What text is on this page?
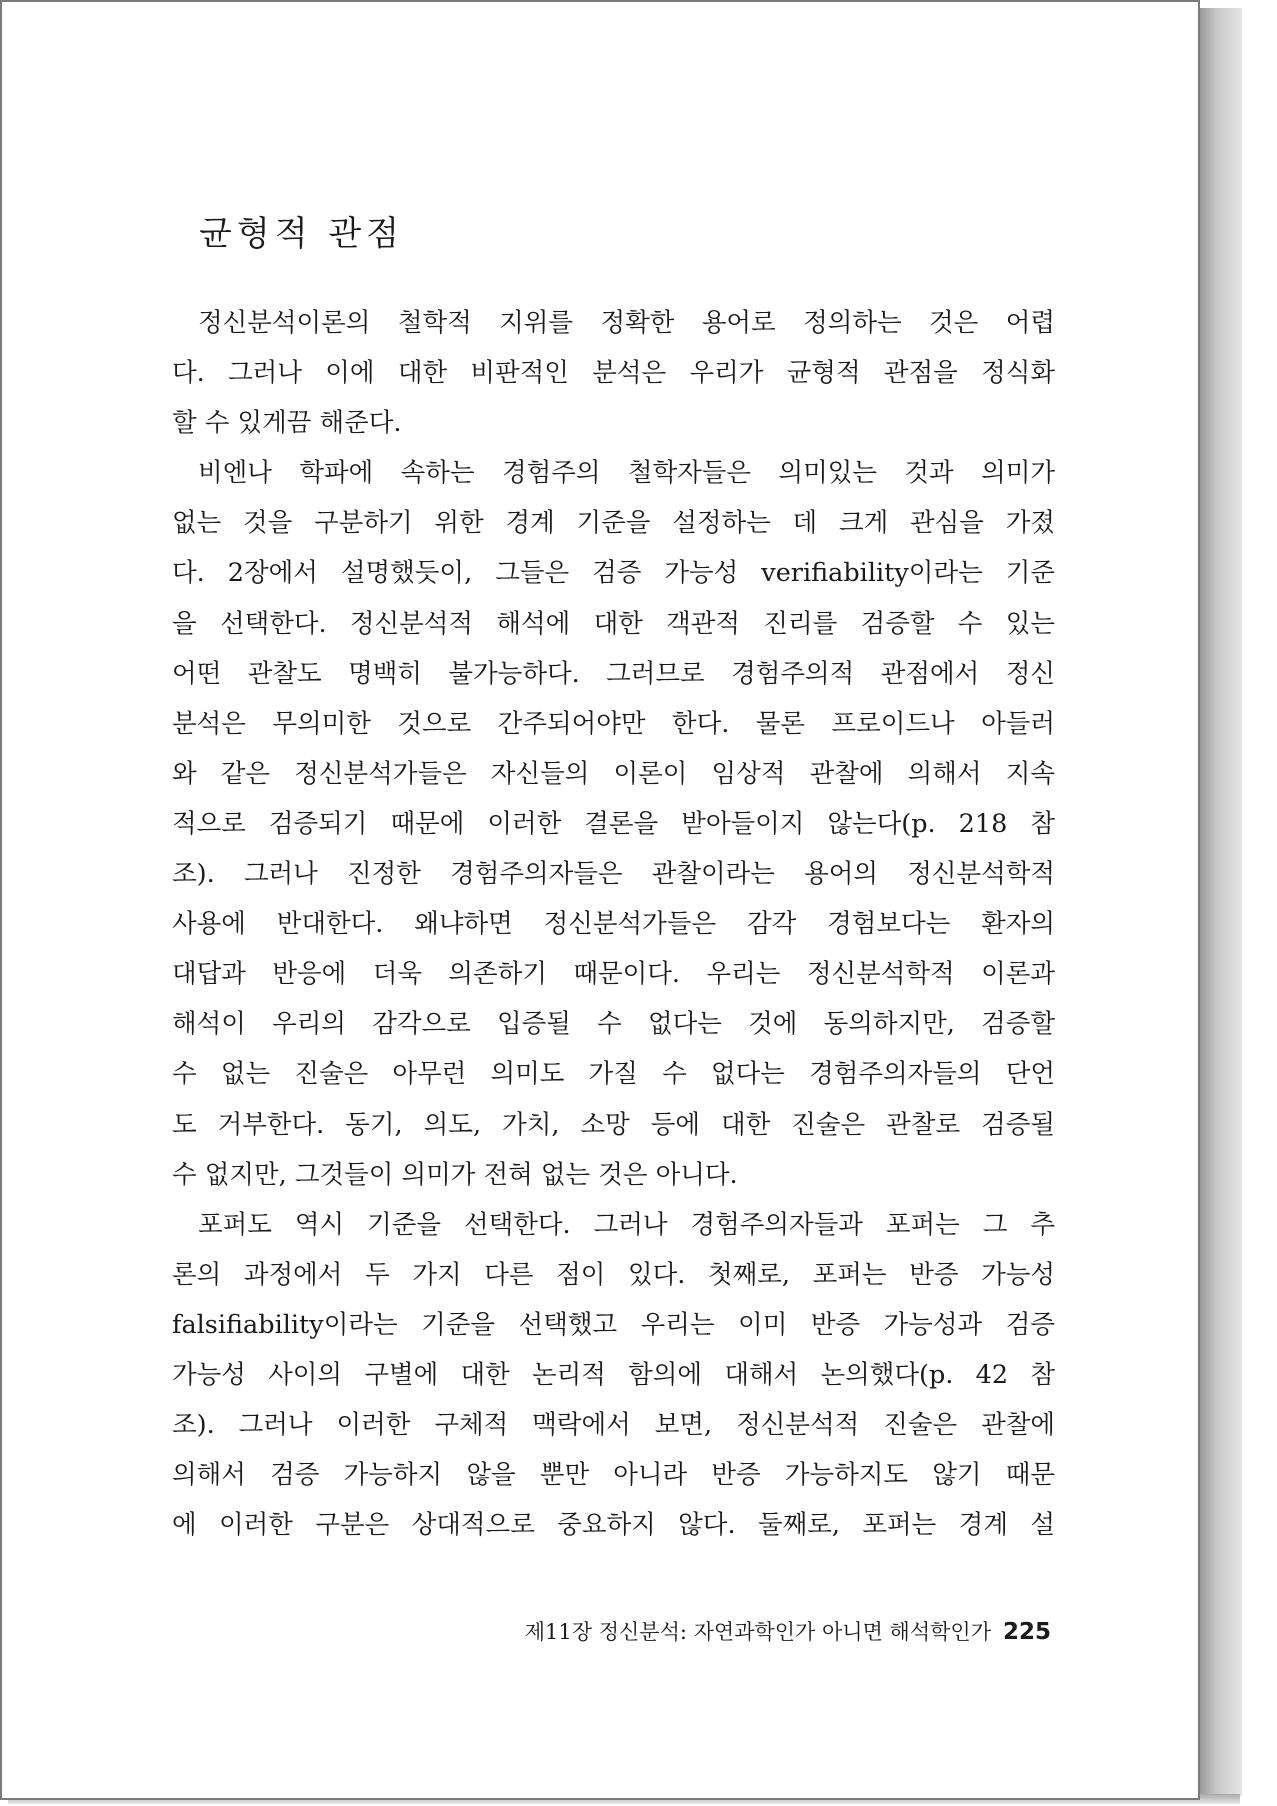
균형적 관점
정신분석이론의 철학적 지위를 정확한 용어로 정의하는 것은 어렵
다. 그러나 이에 대한 비판적인 분석은 우리가 균형적 관점을 정식화
할 수 있게끔 해준다.
비엔나 학파에 속하는 경험주의 철학자들은 의미있는 것과 의미가
없는 것을 구분하기 위한 경계 기준을 설정하는 데 크게 관심을 가졌
다. 2장에서 설명했듯이, 그들은 검증 가능성 verifiability이라는 기준
을 선택한다. 정신분석적 해석에 대한 객관적 진리를 검증할 수 있는
어떤 관찰도 명백히 불가능하다. 그러므로 경험주의적 관점에서 정신
분석은 무의미한 것으로 간주되어야만 한다. 물론 프로이드나 아들러
와 같은 정신분석가들은 자신들의 이론이 임상적 관찰에 의해서 지속
적으로 검증되기 때문에 이러한 결론을 받아들이지 않는다(p. 218 참
조). 그러나 진정한 경험주의자들은 관찰이라는 용어의 정신분석학적
사용에 반대한다. 왜냐하면 정신분석가들은 감각 경험보다는 환자의
대답과 반응에 더욱 의존하기 때문이다. 우리는 정신분석학적 이론과
해석이 우리의 감각으로 입증될 수 없다는 것에 동의하지만, 검증할
수 없는 진술은 아무런 의미도 가질 수 없다는 경험주의자들의 단언
도 거부한다. 동기, 의도, 가치, 소망 등에 대한 진술은 관찰로 검증될
수 없지만, 그것들이 의미가 전혀 없는 것은 아니다.
포퍼도 역시 기준을 선택한다. 그러나 경험주의자들과 포퍼는 그 추
론의 과정에서 두 가지 다른 점이 있다. 첫째로, 포퍼는 반증 가능성
falsifiability이라는 기준을 선택했고 우리는 이미 반증 가능성과 검증
가능성 사이의 구별에 대한 논리적 함의에 대해서 논의했다(p. 42 참
조). 그러나 이러한 구체적 맥락에서 보면, 정신분석적 진술은 관찰에
의해서 검증 가능하지 않을 뿐만 아니라 반증 가능하지도 않기 때문
에 이러한 구분은 상대적으로 중요하지 않다. 둘째로, 포퍼는 경계 설
제11장 정신분석: 자연과학인가 아니면 해석학인가 225
